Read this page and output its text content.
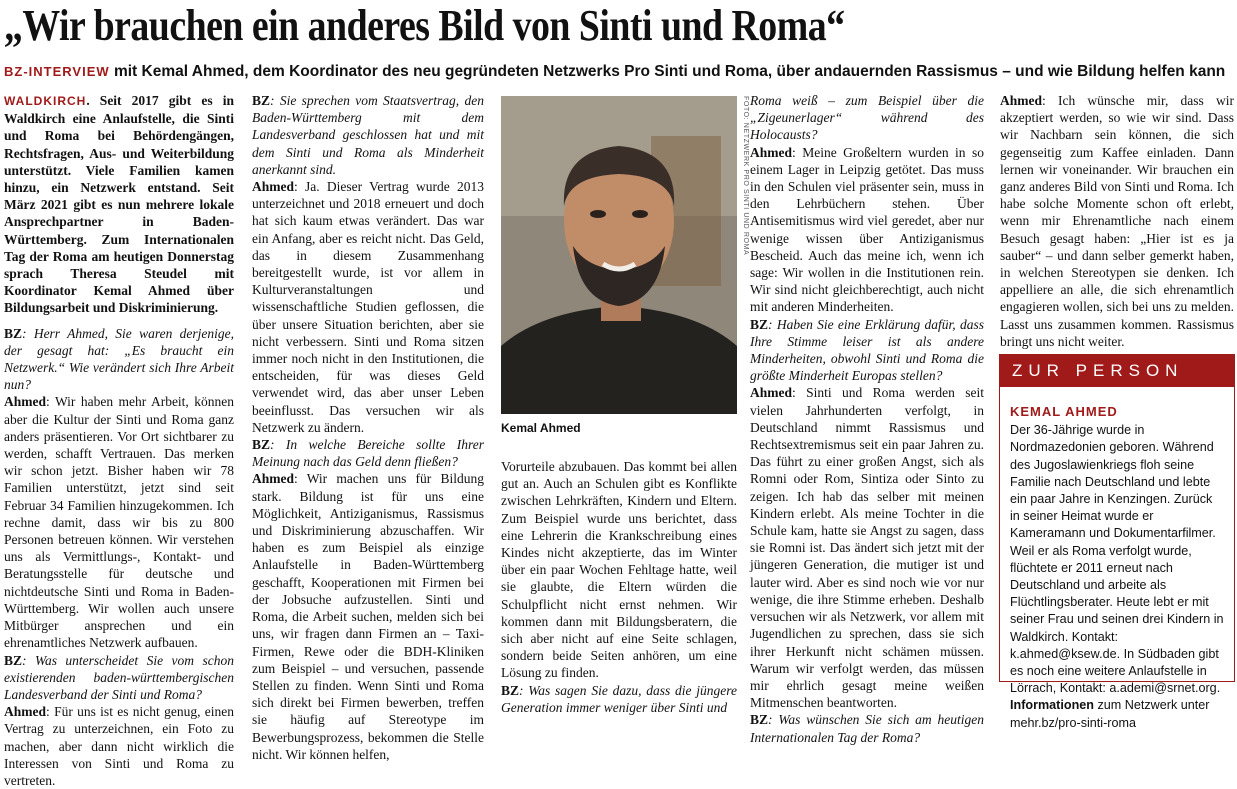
„Wir brauchen ein anderes Bild von Sinti und Roma“
BZ-INTERVIEW mit Kemal Ahmed, dem Koordinator des neu gegründeten Netzwerks Pro Sinti und Roma, über andauernden Rassismus – und wie Bildung helfen kann

WALDKIRCH. Seit 2017 gibt es in Waldkirch eine Anlaufstelle, die Sinti und Roma bei Behördengängen, Rechtsfragen, Aus- und Weiterbildung unterstützt. Viele Familien kamen hinzu, ein Netzwerk entstand. Seit März 2021 gibt es nun mehrere lokale Ansprechpartner in Baden-Württemberg. Zum Internationalen Tag der Roma am heutigen Donnerstag sprach Theresa Steudel mit Koordinator Kemal Ahmed über Bildungsarbeit und Diskriminierung.

BZ: Herr Ahmed, Sie waren derjenige, der gesagt hat: „Es braucht ein Netzwerk.“ Wie verändert sich Ihre Arbeit nun?

Ahmed: Wir haben mehr Arbeit, können aber die Kultur der Sinti und Roma ganz anders präsentieren. Vor Ort sichtbarer zu werden, schafft Vertrauen. Das merken wir schon jetzt. Bisher haben wir 78 Familien unterstützt, jetzt sind seit Februar 34 Familien hinzugekommen. Ich rechne damit, dass wir bis zu 800 Personen betreuen können. Wir verstehen uns als Vermittlungs-, Kontakt- und Beratungsstelle für deutsche und nichtdeutsche Sinti und Roma in Baden-Württemberg. Wir wollen auch unsere Mitbürger ansprechen und ein ehrenamtliches Netzwerk aufbauen.

BZ: Was unterscheidet Sie vom schon existierenden baden-württembergischen Landesverband der Sinti und Roma?

Ahmed: Für uns ist es nicht genug, einen Vertrag zu unterzeichnen, ein Foto zu machen, aber dann nicht wirklich die Interessen von Sinti und Roma zu vertreten.

BZ: Sie sprechen vom Staatsvertrag, den Baden-Württemberg mit dem Landesverband geschlossen hat und mit dem Sinti und Roma als Minderheit anerkannt sind.

Ahmed: Ja. Dieser Vertrag wurde 2013 unterzeichnet und 2018 erneuert und doch hat sich kaum etwas verändert. Das war ein Anfang, aber es reicht nicht. Das Geld, das in diesem Zusammenhang bereitgestellt wurde, ist vor allem in Kulturveranstaltungen und wissenschaftliche Studien geflossen, die über unsere Situation berichten, aber sie nicht verbessern. Sinti und Roma sitzen immer noch nicht in den Institutionen, die entscheiden, für was dieses Geld verwendet wird, das aber unser Leben beeinflusst. Das versuchen wir als Netzwerk zu ändern.

BZ: In welche Bereiche sollte Ihrer Meinung nach das Geld denn fließen?

Ahmed: Wir machen uns für Bildung stark. Bildung ist für uns eine Möglichkeit, Antiziganismus, Rassismus und Diskriminierung abzuschaffen. Wir haben es zum Beispiel als einzige Anlaufstelle in Baden-Württemberg geschafft, Kooperationen mit Firmen bei der Jobsuche aufzustellen. Sinti und Roma, die Arbeit suchen, melden sich bei uns, wir fragen dann Firmen an – Taxi-Firmen, Rewe oder die BDH-Kliniken zum Beispiel – und versuchen, passende Stellen zu finden. Wenn Sinti und Roma sich direkt bei Firmen bewerben, treffen sie häufig auf Stereotype im Bewerbungsprozess, bekommen die Stelle nicht. Wir können helfen,

FOTO: NETZWERK PRO SINTI UND ROMA
Kemal Ahmed

Vorurteile abzubauen. Das kommt bei allen gut an. Auch an Schulen gibt es Konflikte zwischen Lehrkräften, Kindern und Eltern. Zum Beispiel wurde uns berichtet, dass eine Lehrerin die Krankschreibung eines Kindes nicht akzeptierte, das im Winter über ein paar Wochen Fehltage hatte, weil sie glaubte, die Eltern würden die Schulpflicht nicht ernst nehmen. Wir kommen dann mit Bildungsberatern, die sich aber nicht auf eine Seite schlagen, sondern beide Seiten anhören, um eine Lösung zu finden.

BZ: Was sagen Sie dazu, dass die jüngere Generation immer weniger über Sinti und

Roma weiß – zum Beispiel über die „Zigeunerlager“ während des Holocausts?

Ahmed: Meine Großeltern wurden in so einem Lager in Leipzig getötet. Das muss in den Schulen viel präsenter sein, muss in den Lehrbüchern stehen. Über Antisemitismus wird viel geredet, aber nur wenige wissen über Antiziganismus Bescheid. Auch das meine ich, wenn ich sage: Wir wollen in die Institutionen rein. Wir sind nicht gleichberechtigt, auch nicht mit anderen Minderheiten.

BZ: Haben Sie eine Erklärung dafür, dass Ihre Stimme leiser ist als andere Minderheiten, obwohl Sinti und Roma die größte Minderheit Europas stellen?

Ahmed: Sinti und Roma werden seit vielen Jahrhunderten verfolgt, in Deutschland nimmt Rassismus und Rechtsextremismus seit ein paar Jahren zu. Das führt zu einer großen Angst, sich als Romni oder Rom, Sintiza oder Sinto zu zeigen. Ich hab das selber mit meinen Kindern erlebt. Als meine Tochter in die Schule kam, hatte sie Angst zu sagen, dass sie Romni ist. Das ändert sich jetzt mit der jüngeren Generation, die mutiger ist und lauter wird. Aber es sind noch wie vor nur wenige, die ihre Stimme erheben. Deshalb versuchen wir als Netzwerk, vor allem mit Jugendlichen zu sprechen, dass sie sich ihrer Herkunft nicht schämen müssen. Warum wir verfolgt werden, das müssen mir ehrlich gesagt meine weißen Mitmenschen beantworten.

BZ: Was wünschen Sie sich am heutigen Internationalen Tag der Roma?

Ahmed: Ich wünsche mir, dass wir akzeptiert werden, so wie wir sind. Dass wir Nachbarn sein können, die sich gegenseitig zum Kaffee einladen. Dann lernen wir voneinander. Wir brauchen ein ganz anderes Bild von Sinti und Roma. Ich habe solche Momente schon oft erlebt, wenn mir Ehrenamtliche nach einem Besuch gesagt haben: „Hier ist es ja sauber“ – und dann selber gemerkt haben, in welchen Stereotypen sie denken. Ich appelliere an alle, die sich ehrenamtlich engagieren wollen, sich bei uns zu melden. Lasst uns zusammen kommen. Rassismus bringt uns nicht weiter.

ZUR PERSON
KEMAL AHMED
Der 36-Jährige wurde in Nordmazedonien geboren. Während des Jugoslawienkriegs floh seine Familie nach Deutschland und lebte ein paar Jahre in Kenzingen. Zurück in seiner Heimat wurde er Kameramann und Dokumentarfilmer. Weil er als Roma verfolgt wurde, flüchtete er 2011 erneut nach Deutschland und arbeite als Flüchtlingsberater. Heute lebt er mit seiner Frau und seinen drei Kindern in Waldkirch. Kontakt: k.ahmed@ksew.de. In Südbaden gibt es noch eine weitere Anlaufstelle in Lörrach, Kontakt: a.ademi@srnet.org. Informationen zum Netzwerk unter mehr.bz/pro-sinti-roma
